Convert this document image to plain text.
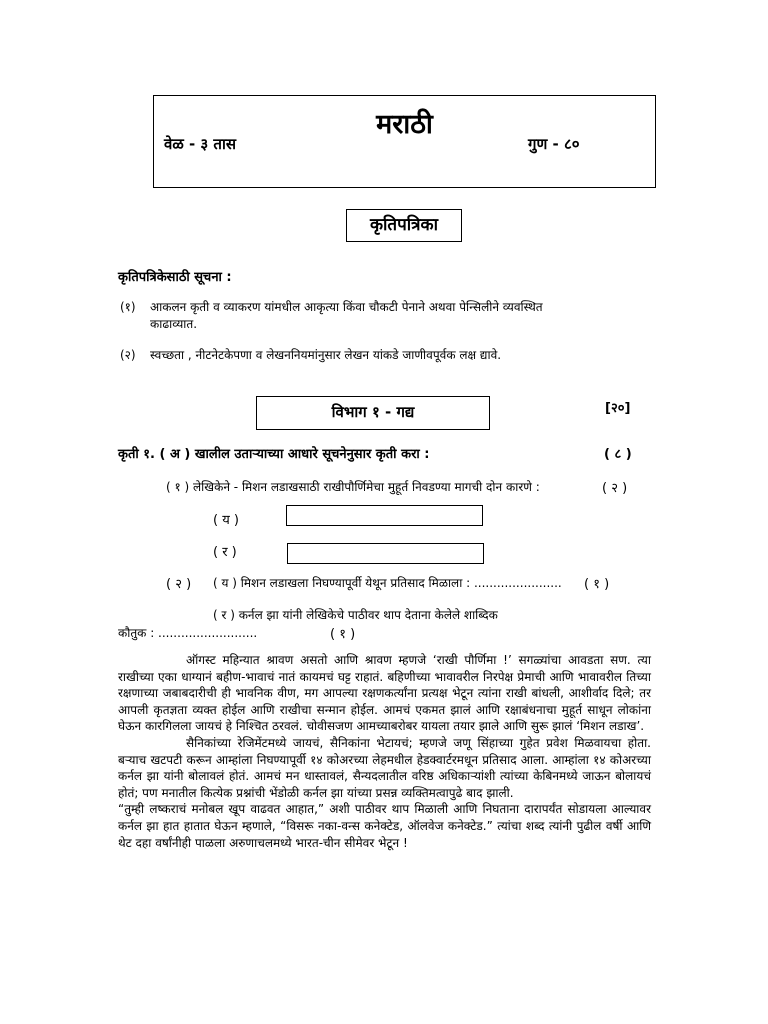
मराठी
वेळ - ३ तास	गुण - ८०
कृतिपत्रिका
कृतिपत्रिकेसाठी सूचना :
(१) आकलन कृती व व्याकरण यांमधील आकृत्या किंवा चौकटी पेनाने अथवा पेन्सिलीने व्यवस्थित काढाव्यात.
(२) स्वच्छता , नीटनेटकेपणा व लेखननियमांनुसार लेखन यांकडे जाणीवपूर्वक लक्ष द्यावे.
विभाग १ - गद्य	[२०]
कृती १. ( अ ) खालील उताऱ्याच्या आधारे सूचनेनुसार कृती करा :	( ८ )
( १ ) लेखिकेने - मिशन लडाखसाठी राखीपौर्णिमेचा मुहूर्त निवडण्या मागची दोन कारणे :	( २ )
( य )
( र )
( २ ) ( य ) मिशन लडाखला निघण्यापूर्वी येथून प्रतिसाद मिळाला : ....................... ( १ )
( र ) कर्नल झा यांनी लेखिकेचे पाठीवर थाप देताना केलेले शाब्दिक
कौतुक : ..........................	( १ )

ऑगस्ट महिन्यात श्रावण असतो आणि श्रावण म्हणजे ‘राखी पौर्णिमा !’ सगळ्यांचा आवडता सण. त्या राखीच्या एका धाग्यानं बहीण-भावाचं नातं कायमचं घट्ट राहातं. बहिणीच्या भावावरील निरपेक्ष प्रेमाची आणि भावावरील तिच्या रक्षणाच्या जबाबदारीची ही भावनिक वीण, मग आपल्या रक्षणकर्त्यांना प्रत्यक्ष भेटून त्यांना राखी बांधली, आशीर्वाद दिले; तर आपली कृतज्ञता व्यक्त होईल आणि राखीचा सन्मान होईल. आमचं एकमत झालं आणि रक्षाबंधनाचा मुहूर्त साधून लोकांना घेऊन कारगिलला जायचं हे निश्चित ठरवलं. चोवीसजण आमच्याबरोबर यायला तयार झाले आणि सुरू झालं ‘मिशन लडाख’.

सैनिकांच्या रेजिमेंटमध्ये जायचं, सैनिकांना भेटायचं; म्हणजे जणू सिंहाच्या गुहेत प्रवेश मिळवायचा होता. बऱ्याच खटपटी करून आम्हांला निघण्यापूर्वी १४ कोअरच्या लेहमधील हेडक्वार्टरमधून प्रतिसाद आला. आम्हांला १४ कोअरच्या कर्नल झा यांनी बोलावलं होतं. आमचं मन धास्तावलं, सैन्यदलातील वरिष्ठ अधिकाऱ्यांशी त्यांच्या केबिनमध्ये जाऊन बोलायचं होतं; पण मनातील कित्येक प्रश्नांची भेंडोळी कर्नल झा यांच्या प्रसन्न व्यक्तिमत्वापुढे बाद झाली.

“तुम्ही लष्कराचं मनोबल खूप वाढवत आहात,” अशी पाठीवर थाप मिळाली आणि निघताना दारापर्यंत सोडायला आल्यावर कर्नल झा हात हातात घेऊन म्हणाले, “विसरू नका-वन्स कनेक्टेड, ऑलवेज कनेक्टेड.” त्यांचा शब्द त्यांनी पुढील वर्षी आणि थेट दहा वर्षांनीही पाळला अरुणाचलमध्ये भारत-चीन सीमेवर भेटून !
